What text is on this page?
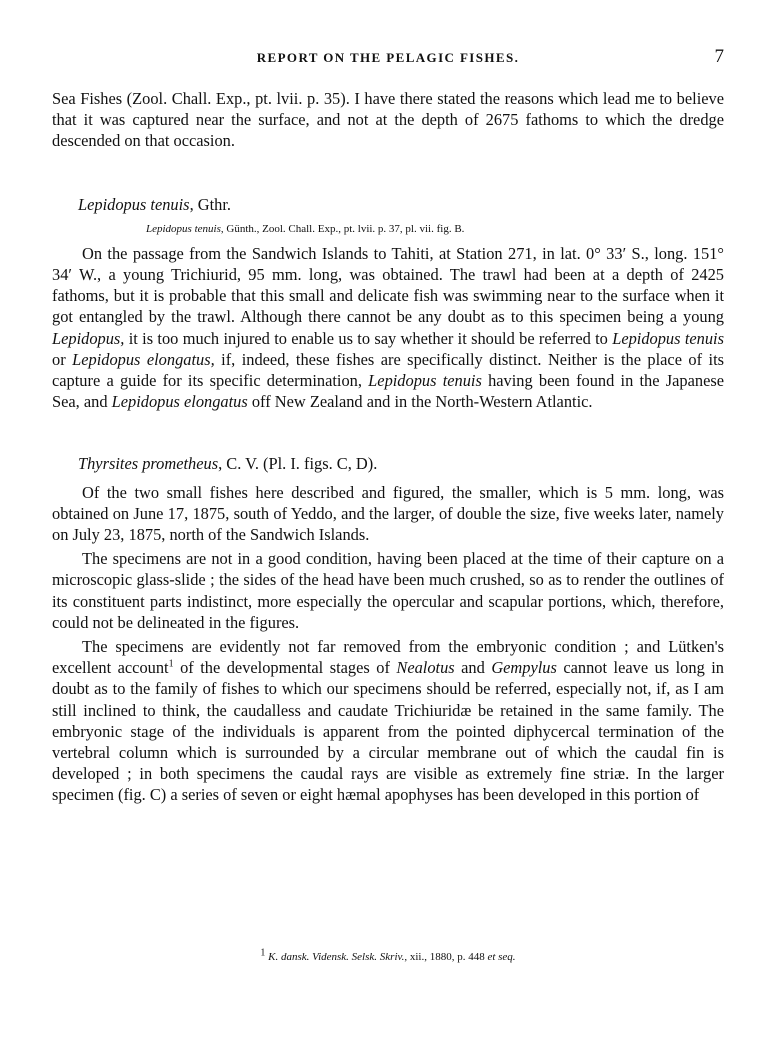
REPORT ON THE PELAGIC FISHES.	7

Sea Fishes (Zool. Chall. Exp., pt. lvii. p. 35). I have there stated the reasons which lead me to believe that it was captured near the surface, and not at the depth of 2675 fathoms to which the dredge descended on that occasion.

Lepidopus tenuis, Gthr.

Lepidopus tenuis, Günth., Zool. Chall. Exp., pt. lvii. p. 37, pl. vii. fig. B.

On the passage from the Sandwich Islands to Tahiti, at Station 271, in lat. 0° 33′ S., long. 151° 34′ W., a young Trichiurid, 95 mm. long, was obtained. The trawl had been at a depth of 2425 fathoms, but it is probable that this small and delicate fish was swimming near to the surface when it got entangled by the trawl. Although there cannot be any doubt as to this specimen being a young Lepidopus, it is too much injured to enable us to say whether it should be referred to Lepidopus tenuis or Lepidopus elongatus, if, indeed, these fishes are specifically distinct. Neither is the place of its capture a guide for its specific determination, Lepidopus tenuis having been found in the Japanese Sea, and Lepidopus elongatus off New Zealand and in the North-Western Atlantic.

Thyrsites prometheus, C. V. (Pl. I. figs. C, D).

Of the two small fishes here described and figured, the smaller, which is 5 mm. long, was obtained on June 17, 1875, south of Yeddo, and the larger, of double the size, five weeks later, namely on July 23, 1875, north of the Sandwich Islands.

The specimens are not in a good condition, having been placed at the time of their capture on a microscopic glass-slide ; the sides of the head have been much crushed, so as to render the outlines of its constituent parts indistinct, more especially the opercular and scapular portions, which, therefore, could not be delineated in the figures.

The specimens are evidently not far removed from the embryonic condition ; and Lütken's excellent account$^1$ of the developmental stages of Nealotus and Gempylus cannot leave us long in doubt as to the family of fishes to which our specimens should be referred, especially not, if, as I am still inclined to think, the caudalless and caudate Trichiuridæ be retained in the same family. The embryonic stage of the individuals is apparent from the pointed diphycercal termination of the vertebral column which is surrounded by a circular membrane out of which the caudal fin is developed ; in both specimens the caudal rays are visible as extremely fine striæ. In the larger specimen (fig. C) a series of seven or eight hæmal apophyses has been developed in this portion of

$^1$ K. dansk. Vidensk. Selsk. Skriv., xii., 1880, p. 448 et seq.
